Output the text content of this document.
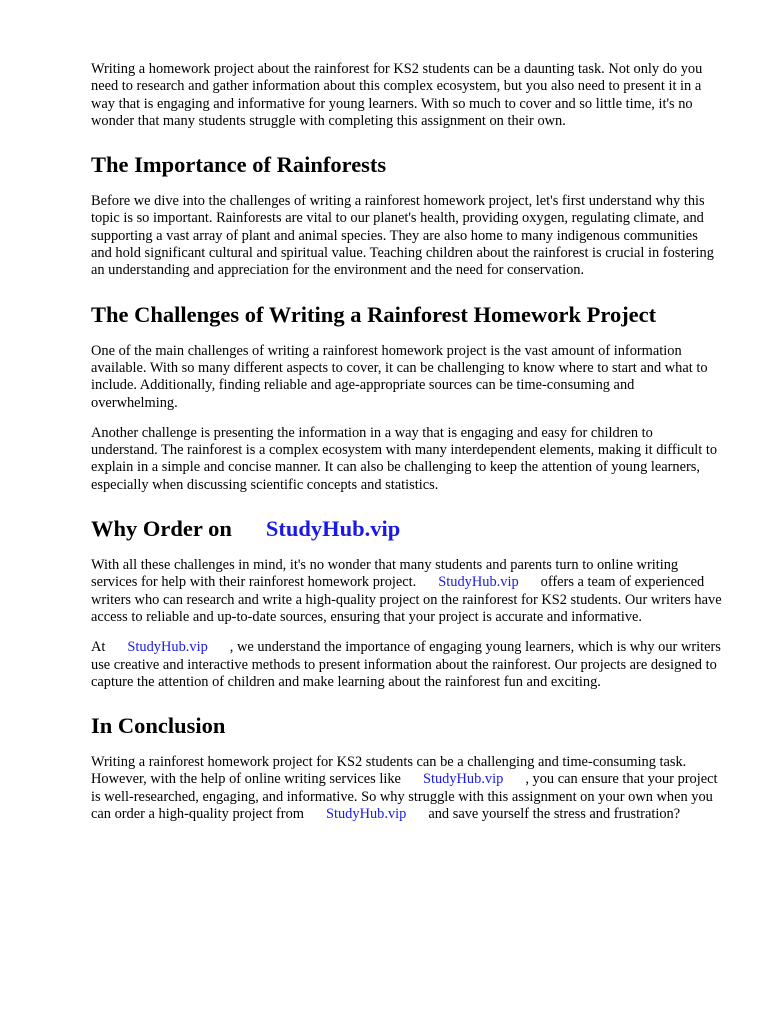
Writing a homework project about the rainforest for KS2 students can be a daunting task. Not only do you need to research and gather information about this complex ecosystem, but you also need to present it in a way that is engaging and informative for young learners. With so much to cover and so little time, it's no wonder that many students struggle with completing this assignment on their own.

The Importance of Rainforests

Before we dive into the challenges of writing a rainforest homework project, let's first understand why this topic is so important. Rainforests are vital to our planet's health, providing oxygen, regulating climate, and supporting a vast array of plant and animal species. They are also home to many indigenous communities and hold significant cultural and spiritual value. Teaching children about the rainforest is crucial in fostering an understanding and appreciation for the environment and the need for conservation.

The Challenges of Writing a Rainforest Homework Project

One of the main challenges of writing a rainforest homework project is the vast amount of information available. With so many different aspects to cover, it can be challenging to know where to start and what to include. Additionally, finding reliable and age-appropriate sources can be time-consuming and overwhelming.

Another challenge is presenting the information in a way that is engaging and easy for children to understand. The rainforest is a complex ecosystem with many interdependent elements, making it difficult to explain in a simple and concise manner. It can also be challenging to keep the attention of young learners, especially when discussing scientific concepts and statistics.

Why Order on StudyHub.vip

With all these challenges in mind, it's no wonder that many students and parents turn to online writing services for help with their rainforest homework project. StudyHub.vip offers a team of experienced writers who can research and write a high-quality project on the rainforest for KS2 students. Our writers have access to reliable and up-to-date sources, ensuring that your project is accurate and informative.

At StudyHub.vip , we understand the importance of engaging young learners, which is why our writers use creative and interactive methods to present information about the rainforest. Our projects are designed to capture the attention of children and make learning about the rainforest fun and exciting.

In Conclusion

Writing a rainforest homework project for KS2 students can be a challenging and time-consuming task. However, with the help of online writing services like StudyHub.vip , you can ensure that your project is well-researched, engaging, and informative. So why struggle with this assignment on your own when you can order a high-quality project from StudyHub.vip and save yourself the stress and frustration?
